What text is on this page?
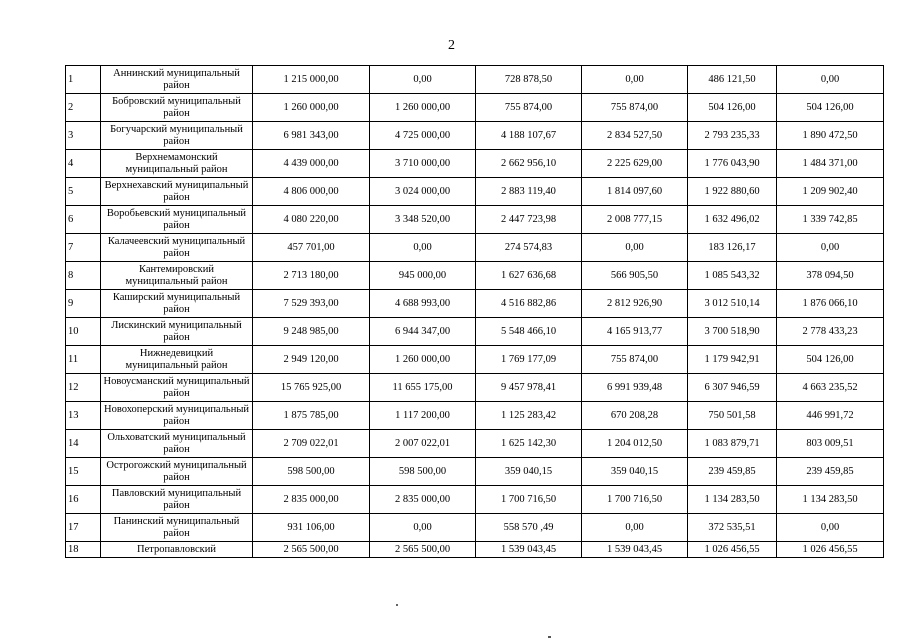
2
1	Аннинский муниципальный район	1 215 000,00	0,00	728 878,50	0,00	486 121,50	0,00
2	Бобровский муниципальный район	1 260 000,00	1 260 000,00	755 874,00	755 874,00	504 126,00	504 126,00
3	Богучарский муниципальный район	6 981 343,00	4 725 000,00	4 188 107,67	2 834 527,50	2 793 235,33	1 890 472,50
4	Верхнемамонский муниципальный район	4 439 000,00	3 710 000,00	2 662 956,10	2 225 629,00	1 776 043,90	1 484 371,00
5	Верхнехавский муниципальный район	4 806 000,00	3 024 000,00	2 883 119,40	1 814 097,60	1 922 880,60	1 209 902,40
6	Воробьевский муниципальный район	4 080 220,00	3 348 520,00	2 447 723,98	2 008 777,15	1 632 496,02	1 339 742,85
7	Калачеевский муниципальный район	457 701,00	0,00	274 574,83	0,00	183 126,17	0,00
8	Кантемировский муниципальный район	2 713 180,00	945 000,00	1 627 636,68	566 905,50	1 085 543,32	378 094,50
9	Каширский муниципальный район	7 529 393,00	4 688 993,00	4 516 882,86	2 812 926,90	3 012 510,14	1 876 066,10
10	Лискинский муниципальный район	9 248 985,00	6 944 347,00	5 548 466,10	4 165 913,77	3 700 518,90	2 778 433,23
11	Нижнедевицкий муниципальный район	2 949 120,00	1 260 000,00	1 769 177,09	755 874,00	1 179 942,91	504 126,00
12	Новоусманский муниципальный район	15 765 925,00	11 655 175,00	9 457 978,41	6 991 939,48	6 307 946,59	4 663 235,52
13	Новохоперский муниципальный район	1 875 785,00	1 117 200,00	1 125 283,42	670 208,28	750 501,58	446 991,72
14	Ольховатский муниципальный район	2 709 022,01	2 007 022,01	1 625 142,30	1 204 012,50	1 083 879,71	803 009,51
15	Острогожский муниципальный район	598 500,00	598 500,00	359 040,15	359 040,15	239 459,85	239 459,85
16	Павловский муниципальный район	2 835 000,00	2 835 000,00	1 700 716,50	1 700 716,50	1 134 283,50	1 134 283,50
17	Панинский муниципальный район	931 106,00	0,00	558 570 ,49	0,00	372 535,51	0,00
18	Петропавловский	2 565 500,00	2 565 500,00	1 539 043,45	1 539 043,45	1 026 456,55	1 026 456,55
